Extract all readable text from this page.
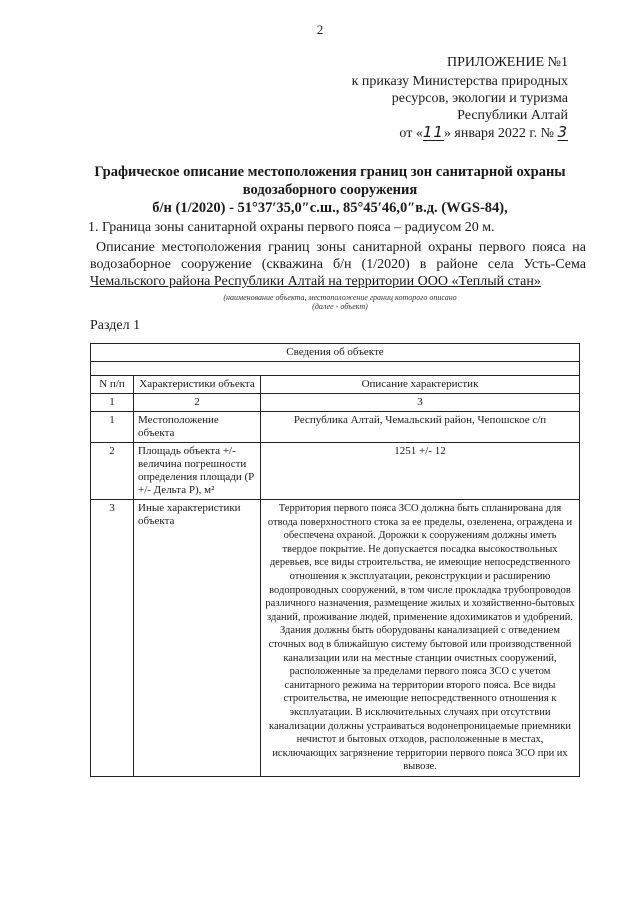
2
ПРИЛОЖЕНИЕ №1
к приказу Министерства природных
ресурсов, экологии и туризма
Республики Алтай
от «11» января 2022 г. № 3
Графическое описание местоположения границ зон санитарной охраны
водозаборного сооружения
б/н (1/2020) - 51°37′35,0″с.ш., 85°45′46,0″в.д. (WGS-84),
1. Граница зоны санитарной охраны первого пояса – радиусом 20 м.
Описание местоположения границ зоны санитарной охраны первого пояса на водозаборное сооружение (скважина б/н (1/2020) в районе села Усть-Сема Чемальского района Республики Алтай на территории ООО «Теплый стан»
(наименование объекта, местоположение границ которого описано
(далее - объект)
Раздел 1
Сведения об объекте		

N п/п	Характеристики объекта	Описание характеристик
1	2	3
1	Местоположение объекта	Республика Алтай, Чемальский район, Чепошское с/п
2	Площадь объекта +/- величина погрешности определения площади (P +/- Дельта P), м²	1251 +/- 12
3	Иные характеристики объекта	Территория первого пояса ЗСО должна быть спланирована для отвода поверхностного стока за ее пределы, озеленена, ограждена и обеспечена охраной. Дорожки к сооружениям должны иметь твердое покрытие. Не допускается посадка высокоствольных деревьев, все виды строительства, не имеющие непосредственного отношения к эксплуатации, реконструкции и расширению водопроводных сооружений, в том числе прокладка трубопроводов различного назначения, размещение жилых и хозяйственно-бытовых зданий, проживание людей, применение ядохимикатов и удобрений. Здания должны быть оборудованы канализацией с отведением сточных вод в ближайшую систему бытовой или производственной канализации или на местные станции очистных сооружений, расположенные за пределами первого пояса ЗСО с учетом санитарного режима на территории второго пояса. Все виды строительства, не имеющие непосредственного отношения к эксплуатации. В исключительных случаях при отсутствии канализации должны устраиваться водонепроницаемые приемники нечистот и бытовых отходов, расположенные в местах, исключающих загрязнение территории первого пояса ЗСО при их вывозе.
